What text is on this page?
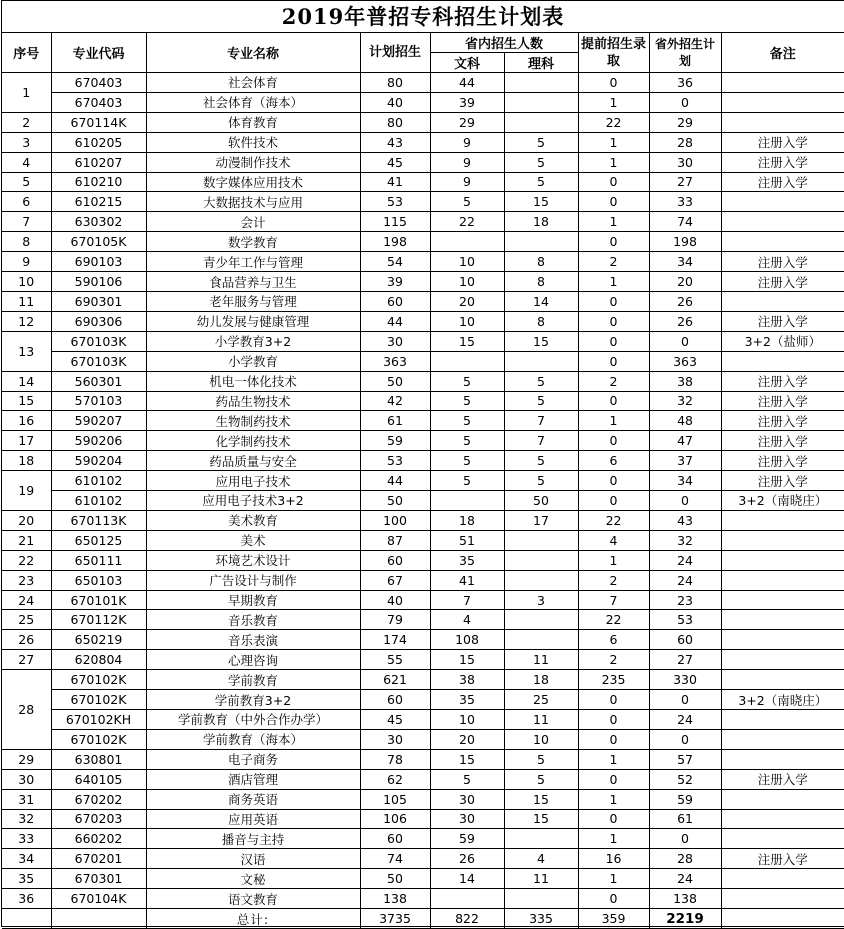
2019年普招专科招生计划表
序号	专业代码	专业名称	计划招生	省内招生人数		提前招生录取	省外招生计划	备注
				文科	理科			
1	670403	社会体育	80	44		0	36	
	670403	社会体育（海本）	40	39		1	0	
2	670114K	体育教育	80	29		22	29	
3	610205	软件技术	43	9	5	1	28	注册入学
4	610207	动漫制作技术	45	9	5	1	30	注册入学
5	610210	数字媒体应用技术	41	9	5	0	27	注册入学
6	610215	大数据技术与应用	53	5	15	0	33	
7	630302	会计	115	22	18	1	74	
8	670105K	数学教育	198			0	198	
9	690103	青少年工作与管理	54	10	8	2	34	注册入学
10	590106	食品营养与卫生	39	10	8	1	20	注册入学
11	690301	老年服务与管理	60	20	14	0	26	
12	690306	幼儿发展与健康管理	44	10	8	0	26	注册入学
13	670103K	小学教育3+2	30	15	15	0	0	3+2（盐师）
	670103K	小学教育	363			0	363	
14	560301	机电一体化技术	50	5	5	2	38	注册入学
15	570103	药品生物技术	42	5	5	0	32	注册入学
16	590207	生物制药技术	61	5	7	1	48	注册入学
17	590206	化学制药技术	59	5	7	0	47	注册入学
18	590204	药品质量与安全	53	5	5	6	37	注册入学
19	610102	应用电子技术	44	5	5	0	34	注册入学
	610102	应用电子技术3+2	50		50	0	0	3+2（南晓庄）
20	670113K	美术教育	100	18	17	22	43	
21	650125	美术	87	51		4	32	
22	650111	环境艺术设计	60	35		1	24	
23	650103	广告设计与制作	67	41		2	24	
24	670101K	早期教育	40	7	3	7	23	
25	670112K	音乐教育	79	4		22	53	
26	650219	音乐表演	174	108		6	60	
27	620804	心理咨询	55	15	11	2	27	
28	670102K	学前教育	621	38	18	235	330	
	670102K	学前教育3+2	60	35	25	0	0	3+2（南晓庄）
	670102KH	学前教育（中外合作办学）	45	10	11	0	24	
	670102K	学前教育（海本）	30	20	10	0	0	
29	630801	电子商务	78	15	5	1	57	
30	640105	酒店管理	62	5	5	0	52	注册入学
31	670202	商务英语	105	30	15	1	59	
32	670203	应用英语	106	30	15	0	61	
33	660202	播音与主持	60	59		1	0	
34	670201	汉语	74	26	4	16	28	注册入学
35	670301	文秘	50	14	11	1	24	
36	670104K	语文教育	138			0	138	
		总计:	3735	822	335	359	2219	
